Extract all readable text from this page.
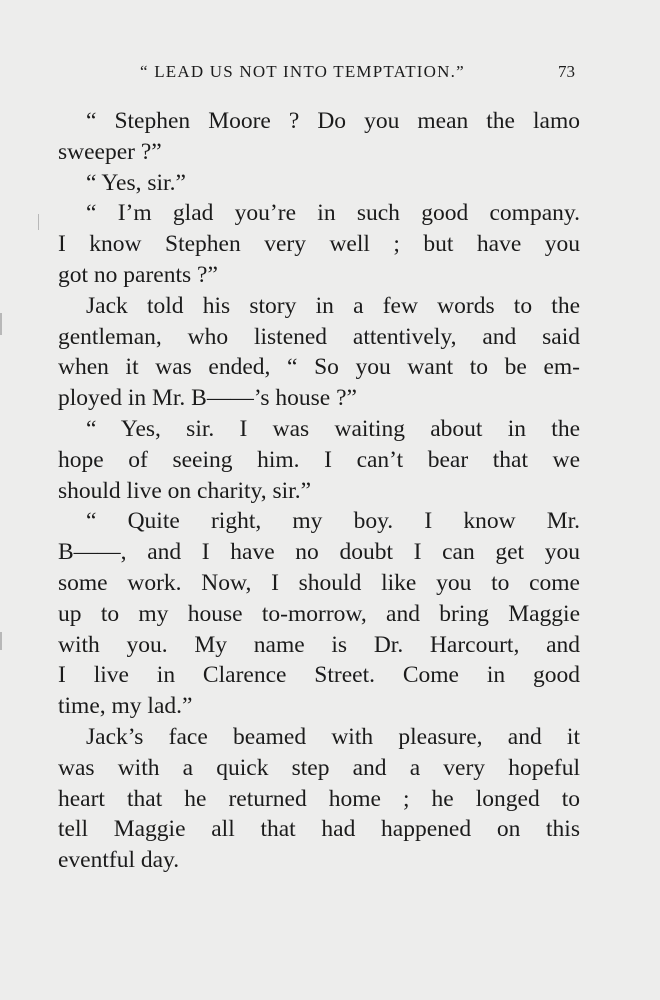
“ LEAD US NOT INTO TEMPTATION.”	73
“ Stephen Moore ? Do you mean the lamo
sweeper ?”
“ Yes, sir.”
“ I’m glad you’re in such good company.
I know Stephen very well ; but have you
got no parents ?”
Jack told his story in a few words to the
gentleman, who listened attentively, and said
when it was ended, “ So you want to be em-
ployed in Mr. B——’s house ?”
“ Yes, sir. I was waiting about in the
hope of seeing him. I can’t bear that we
should live on charity, sir.”
“ Quite right, my boy. I know Mr.
B——, and I have no doubt I can get you
some work. Now, I should like you to come
up to my house to-morrow, and bring Maggie
with you. My name is Dr. Harcourt, and
I live in Clarence Street. Come in good
time, my lad.”
Jack’s face beamed with pleasure, and it
was with a quick step and a very hopeful
heart that he returned home ; he longed to
tell Maggie all that had happened on this
eventful day.
